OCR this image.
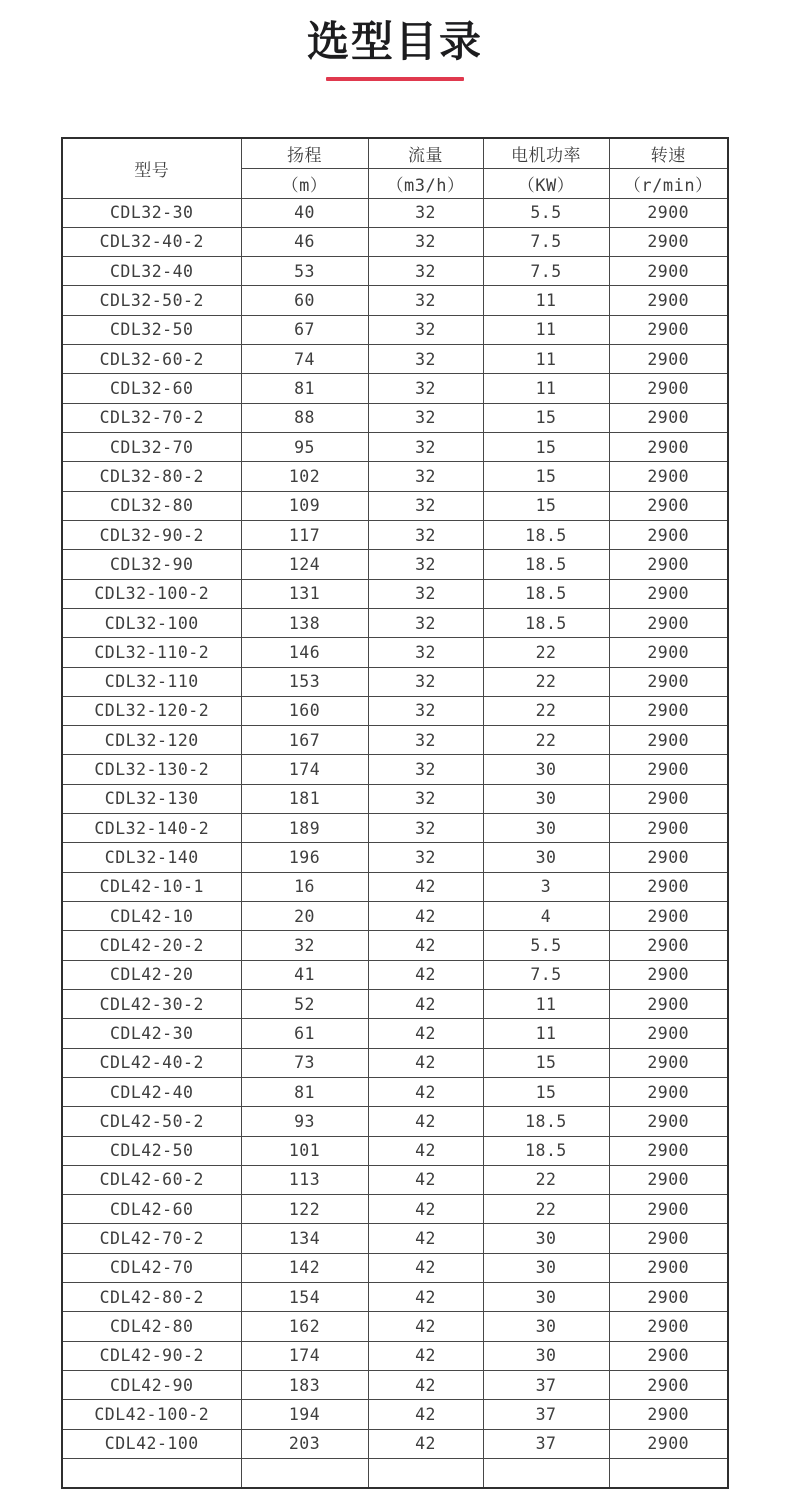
选型目录
型号	扬程	流量	电机功率	转速
	（m）	（m3/h）	（KW）	（r/min）
CDL32-30	40	32	5.5	2900
CDL32-40-2	46	32	7.5	2900
CDL32-40	53	32	7.5	2900
CDL32-50-2	60	32	11	2900
CDL32-50	67	32	11	2900
CDL32-60-2	74	32	11	2900
CDL32-60	81	32	11	2900
CDL32-70-2	88	32	15	2900
CDL32-70	95	32	15	2900
CDL32-80-2	102	32	15	2900
CDL32-80	109	32	15	2900
CDL32-90-2	117	32	18.5	2900
CDL32-90	124	32	18.5	2900
CDL32-100-2	131	32	18.5	2900
CDL32-100	138	32	18.5	2900
CDL32-110-2	146	32	22	2900
CDL32-110	153	32	22	2900
CDL32-120-2	160	32	22	2900
CDL32-120	167	32	22	2900
CDL32-130-2	174	32	30	2900
CDL32-130	181	32	30	2900
CDL32-140-2	189	32	30	2900
CDL32-140	196	32	30	2900
CDL42-10-1	16	42	3	2900
CDL42-10	20	42	4	2900
CDL42-20-2	32	42	5.5	2900
CDL42-20	41	42	7.5	2900
CDL42-30-2	52	42	11	2900
CDL42-30	61	42	11	2900
CDL42-40-2	73	42	15	2900
CDL42-40	81	42	15	2900
CDL42-50-2	93	42	18.5	2900
CDL42-50	101	42	18.5	2900
CDL42-60-2	113	42	22	2900
CDL42-60	122	42	22	2900
CDL42-70-2	134	42	30	2900
CDL42-70	142	42	30	2900
CDL42-80-2	154	42	30	2900
CDL42-80	162	42	30	2900
CDL42-90-2	174	42	30	2900
CDL42-90	183	42	37	2900
CDL42-100-2	194	42	37	2900
CDL42-100	203	42	37	2900
